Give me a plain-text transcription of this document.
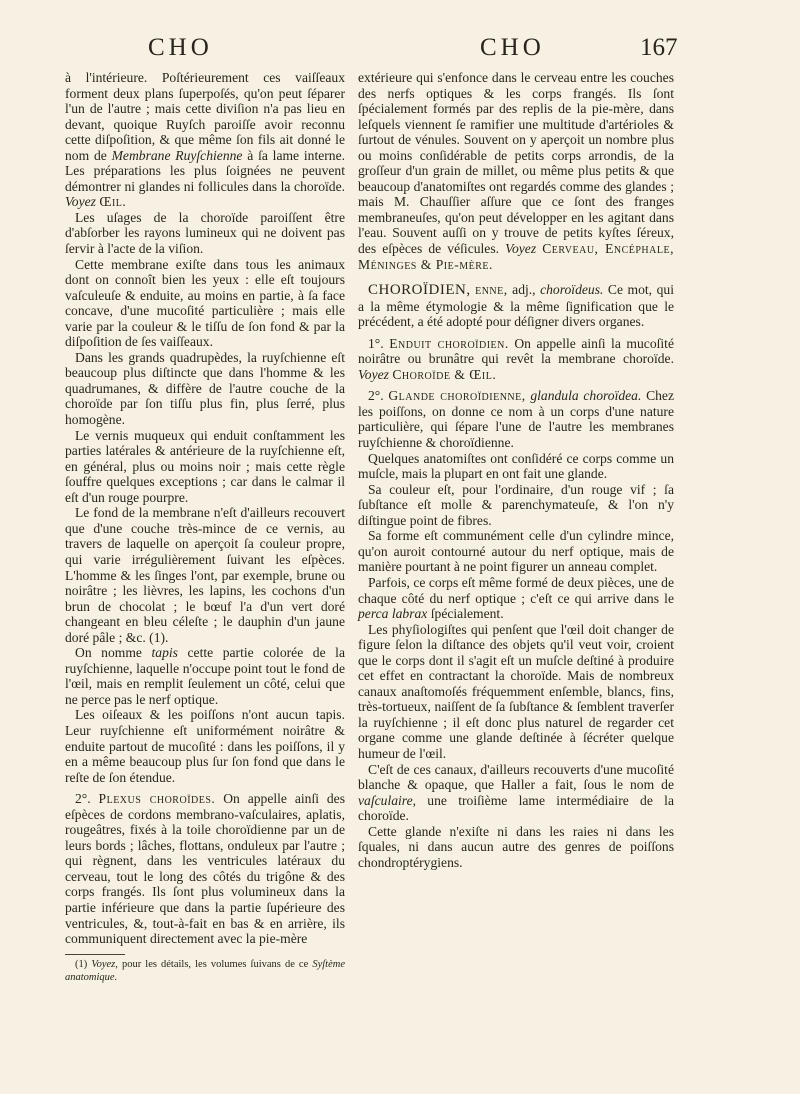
CHO	CHO	167

à l'intérieure. Poſtérieurement ces vaiſſeaux forment deux plans ſuperpoſés, qu'on peut ſéparer l'un de l'autre ; mais cette diviſion n'a pas lieu en devant, quoique Ruyſch paroiſſe avoir reconnu cette diſpoſition, & que même ſon fils ait donné le nom de Membrane Ruyſchienne à ſa lame interne. Les préparations les plus ſoignées ne peuvent démontrer ni glandes ni follicules dans la choroïde. Voyez Œil.

Les uſages de la choroïde paroiſſent être d'abſorber les rayons lumineux qui ne doivent pas ſervir à l'acte de la viſion.

Cette membrane exiſte dans tous les animaux dont on connoît bien les yeux : elle eſt toujours vaſculeuſe & enduite, au moins en partie, à ſa face concave, d'une mucoſité particulière ; mais elle varie par la couleur & le tiſſu de ſon fond & par la diſpoſition de ſes vaiſſeaux.

Dans les grands quadrupèdes, la ruyſchienne eſt beaucoup plus diſtincte que dans l'homme & les quadrumanes, & diffère de l'autre couche de la choroïde par ſon tiſſu plus fin, plus ſerré, plus homogène.

Le vernis muqueux qui enduit conſtamment les parties latérales & antérieure de la ruyſchienne eſt, en général, plus ou moins noir ; mais cette règle ſouffre quelques exceptions ; car dans le calmar il eſt d'un rouge pourpre.

Le fond de la membrane n'eſt d'ailleurs recouvert que d'une couche très-mince de ce vernis, au travers de laquelle on aperçoit ſa couleur propre, qui varie irrégulièrement ſuivant les eſpèces. L'homme & les ſinges l'ont, par exemple, brune ou noirâtre ; les lièvres, les lapins, les cochons d'un brun de chocolat ; le bœuf l'a d'un vert doré changeant en bleu céleſte ; le dauphin d'un jaune doré pâle ; &c. (1).

On nomme tapis cette partie colorée de la ruyſchienne, laquelle n'occupe point tout le fond de l'œil, mais en remplit ſeulement un côté, celui que ne perce pas le nerf optique.

Les oiſeaux & les poiſſons n'ont aucun tapis. Leur ruyſchienne eſt uniformément noirâtre & enduite partout de mucoſité : dans les poiſſons, il y en a même beaucoup plus ſur ſon fond que dans le reſte de ſon étendue.

2°. Plexus choroïdes. On appelle ainſi des eſpèces de cordons membrano-vaſculaires, aplatis, rougeâtres, fixés à la toile choroïdienne par un de leurs bords ; lâches, flottans, onduleux par l'autre ; qui règnent, dans les ventricules latéraux du cerveau, tout le long des côtés du trigône & des corps frangés. Ils ſont plus volumineux dans la partie inférieure que dans la partie ſupérieure des ventricules, &, tout-à-fait en bas & en arrière, ils communiquent directement avec la pie-mère

(1) Voyez, pour les détails, les volumes ſuivans de ce Syſtème anatomique.

extérieure qui s'enfonce dans le cerveau entre les couches des nerfs optiques & les corps frangés. Ils ſont ſpécialement formés par des replis de la pie-mère, dans leſquels viennent ſe ramifier une multitude d'artérioles & ſurtout de vénules. Souvent on y aperçoit un nombre plus ou moins conſidérable de petits corps arrondis, de la groſſeur d'un grain de millet, ou même plus petits & que beaucoup d'anatomiſtes ont regardés comme des glandes ; mais M. Chauſſier aſſure que ce ſont des franges membraneuſes, qu'on peut développer en les agitant dans l'eau. Souvent auſſi on y trouve de petits kyſtes ſéreux, des eſpèces de véſicules. Voyez Cerveau, Encéphale, Méninges & Pie-mère.

CHOROÏDIEN, enne, adj., choroïdeus. Ce mot, qui a la même étymologie & la même ſignification que le précédent, a été adopté pour déſigner divers organes.

1°. Enduit choroïdien. On appelle ainſi la mucoſité noirâtre ou brunâtre qui revêt la membrane choroïde. Voyez Choroïde & Œil.

2°. Glande choroïdienne, glandula choroïdea. Chez les poiſſons, on donne ce nom à un corps d'une nature particulière, qui ſépare l'une de l'autre les membranes ruyſchienne & choroïdienne.

Quelques anatomiſtes ont conſidéré ce corps comme un muſcle, mais la plupart en ont fait une glande.

Sa couleur eſt, pour l'ordinaire, d'un rouge vif ; ſa ſubſtance eſt molle & parenchymateuſe, & l'on n'y diſtingue point de fibres.

Sa forme eſt communément celle d'un cylindre mince, qu'on auroit contourné autour du nerf optique, mais de manière pourtant à ne point figurer un anneau complet.

Parfois, ce corps eſt même formé de deux pièces, une de chaque côté du nerf optique ; c'eſt ce qui arrive dans le perca labrax ſpécialement.

Les phyſiologiſtes qui penſent que l'œil doit changer de figure ſelon la diſtance des objets qu'il veut voir, croient que le corps dont il s'agit eſt un muſcle deſtiné à produire cet effet en contractant la choroïde. Mais de nombreux canaux anaſtomoſés fréquemment enſemble, blancs, fins, très-tortueux, naiſſent de ſa ſubſtance & ſemblent traverſer la ruyſchienne ; il eſt donc plus naturel de regarder cet organe comme une glande deſtinée à ſécréter quelque humeur de l'œil.

C'eſt de ces canaux, d'ailleurs recouverts d'une mucoſité blanche & opaque, que Haller a fait, ſous le nom de vaſculaire, une troiſième lame intermédiaire de la choroïde.

Cette glande n'exiſte ni dans les raies ni dans les ſquales, ni dans aucun autre des genres de poiſſons chondroptérygiens.
